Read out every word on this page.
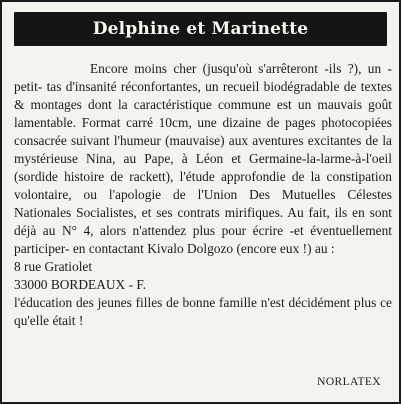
Delphine et Marinette

Encore moins cher (jusqu'où s'arrêteront -ils ?), un -petit- tas d'insanité réconfortantes, un recueil biodégradable de textes & montages dont la caractéristique commune est un mauvais goût lamentable. Format carré 10cm, une dizaine de pages photocopiées consacrée suivant l'humeur (mauvaise) aux aventures excitantes de la mystérieuse Nina, au Pape, à Léon et Germaine-la-larme-à-l'oeil (sordide histoire de rackett), l'étude approfondie de la constipation volontaire, ou l'apologie de l'Union Des Mutuelles Célestes Nationales Socialistes, et ses contrats mirifiques. Au fait, ils en sont déjà au N° 4, alors n'attendez plus pour écrire -et éventuellement participer- en contactant Kivalo Dolgozo (encore eux !) au :

8 rue Gratiolet

33000 BORDEAUX - F.

l'éducation des jeunes filles de bonne famille n'est décidément plus ce qu'elle était !

NORLATEX
